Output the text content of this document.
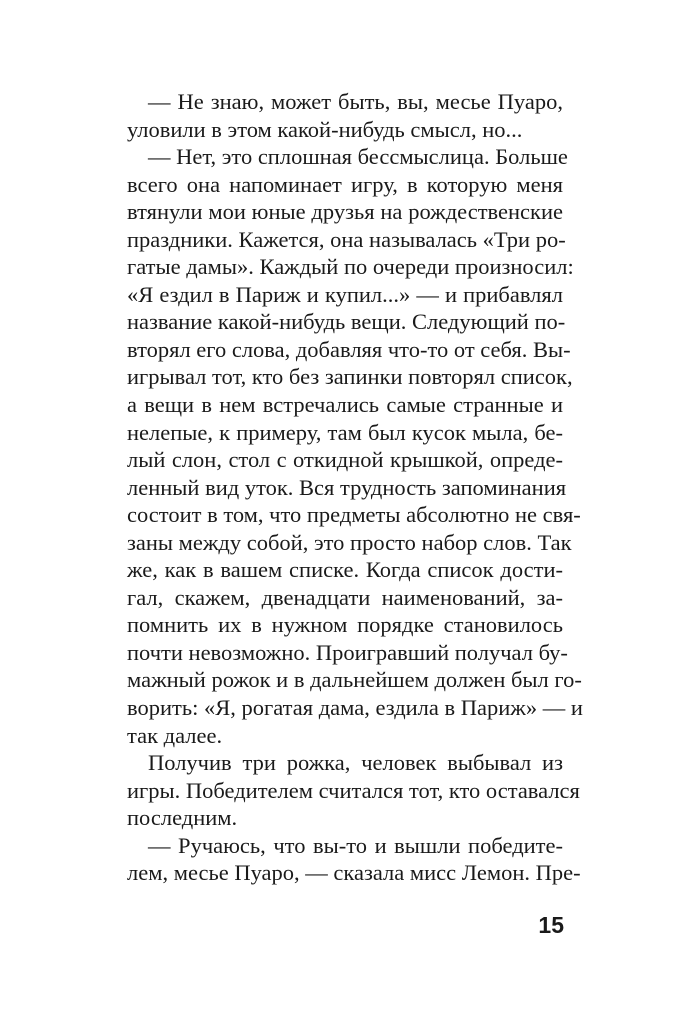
— Не знаю, может быть, вы, месье Пуаро,
уловили в этом какой-нибудь смысл, но...

— Нет, это сплошная бессмыслица. Больше
всего она напоминает игру, в которую меня
втянули мои юные друзья на рождественские
праздники. Кажется, она называлась «Три ро-
гатые дамы». Каждый по очереди произносил:
«Я ездил в Париж и купил...» — и прибавлял
название какой-нибудь вещи. Следующий по-
вторял его слова, добавляя что-то от себя. Вы-
игрывал тот, кто без запинки повторял список,
а вещи в нем встречались самые странные и
нелепые, к примеру, там был кусок мыла, бе-
лый слон, стол с откидной крышкой, опреде-
ленный вид уток. Вся трудность запоминания
состоит в том, что предметы абсолютно не свя-
заны между собой, это просто набор слов. Так
же, как в вашем списке. Когда список дости-
гал, скажем, двенадцати наименований, за-
помнить их в нужном порядке становилось
почти невозможно. Проигравший получал бу-
мажный рожок и в дальнейшем должен был го-
ворить: «Я, рогатая дама, ездила в Париж» — и
так далее.

Получив три рожка, человек выбывал из
игры. Победителем считался тот, кто оставался
последним.

— Ручаюсь, что вы-то и вышли победите-
лем, месье Пуаро, — сказала мисс Лемон. Пре-

15
